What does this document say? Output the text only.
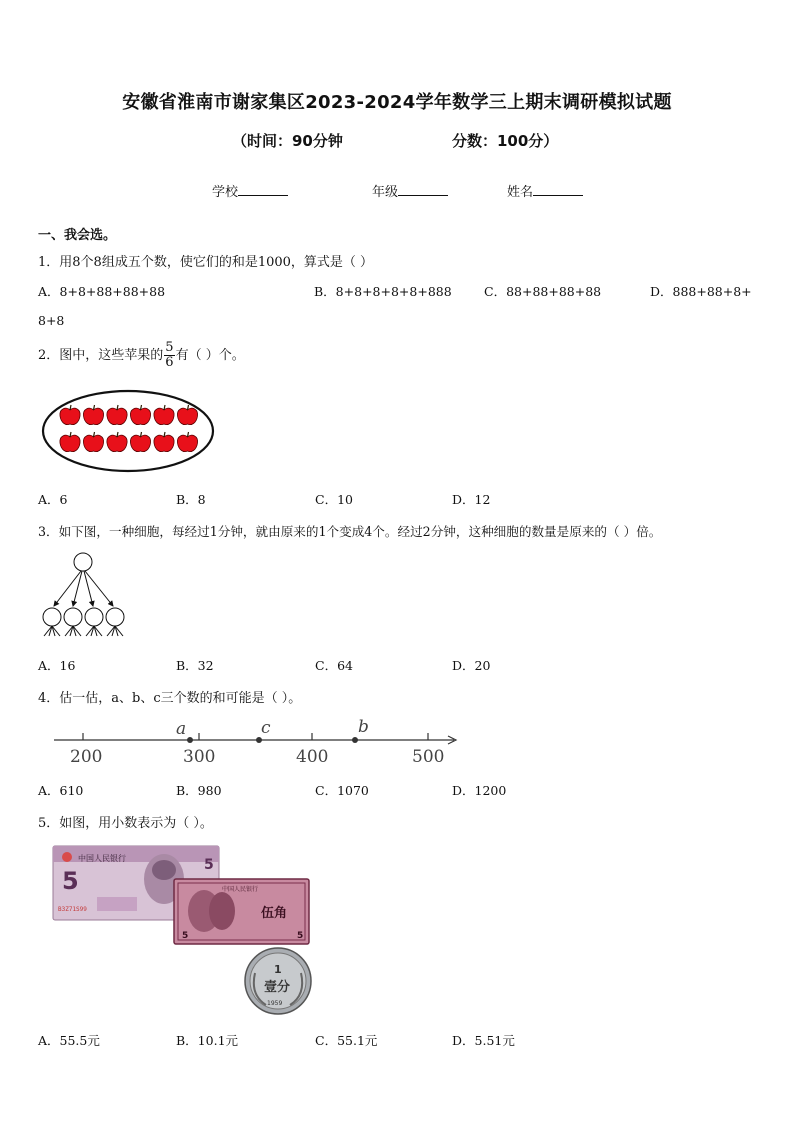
安徽省淮南市谢家集区2023-2024学年数学三上期末调研模拟试题
（时间：90分钟	分数：100分）
学校	年级	姓名
一、我会选。
1．用8个8组成五个数，使它们的和是1000，算式是（ ）
A．8+8+88+88+88	B．8+8+8+8+8+888	C．88+88+88+88	D．888+88+8+
8+8
2．图中，这些苹果的 $\frac{5}{6}$ 有（ ）个。
A．6	B．8	C．10	D．12
3．如下图，一种细胞，每经过1分钟，就由原来的1个变成4个。经过2分钟，这种细胞的数量是原来的（ ）倍。
A．16	B．32	C．64	D．20
4．估一估，a、b、c三个数的和可能是（ ）。
200	300	400	500
a	c	b
A．610	B．980	C．1070	D．1200
5．如图，用小数表示为（ ）。
中国人民银行
5
5
B3Z71S99
中国人民银行
伍角
5	5
1
壹分
1959
A．55.5元	B．10.1元	C．55.1元	D．5.51元
